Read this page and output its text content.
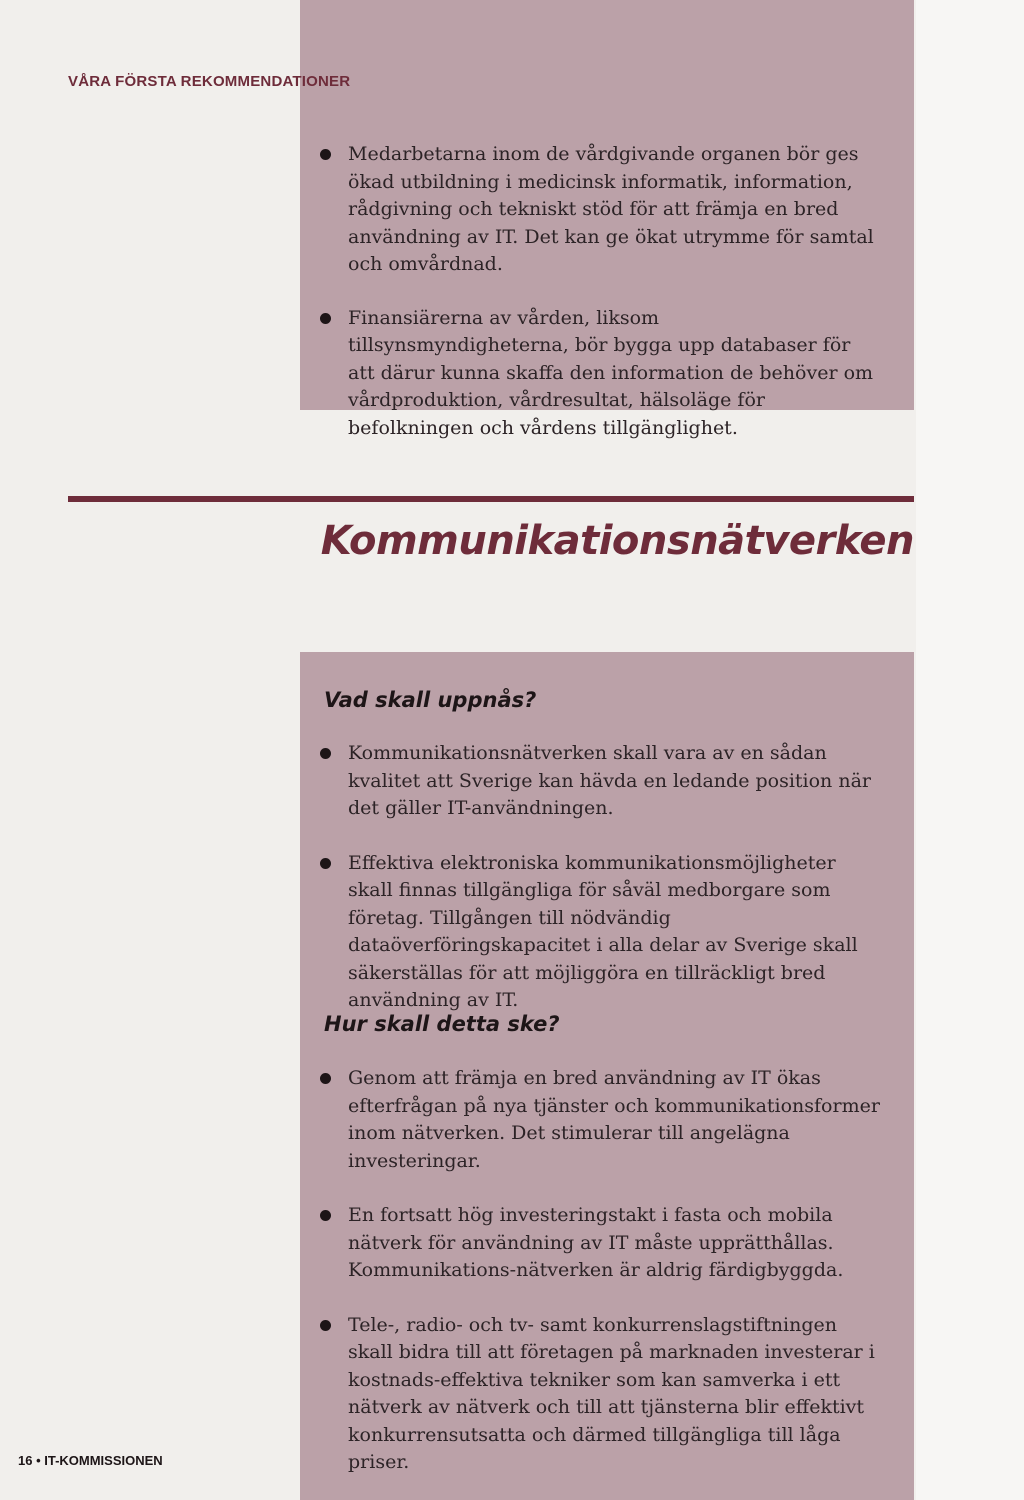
Medarbetarna inom de vårdgivande organen bör ges ökad utbildning i medicinsk informatik, information, rådgivning och tekniskt stöd för att främja en bred användning av IT. Det kan ge ökat utrymme för samtal och omvårdnad.
Finansiärerna av vården, liksom tillsynsmyndigheterna, bör bygga upp databaser för att därur kunna skaffa den information de behöver om vårdproduktion, vårdresultat, hälsoläge för befolkningen och vårdens tillgänglighet.

VÅRA FÖRSTA REKOMMENDATIONER

Kommunikationsnätverken
Vad skall uppnås?
Kommunikationsnätverken skall vara av en sådan kvalitet att Sverige kan hävda en ledande position när det gäller IT-användningen.
Effektiva elektroniska kommunikationsmöjligheter skall finnas tillgängliga för såväl medborgare som företag. Tillgången till nödvändig dataöverföringskapacitet i alla delar av Sverige skall säkerställas för att möjliggöra en tillräckligt bred användning av IT.
Hur skall detta ske?
Genom att främja en bred användning av IT ökas efterfrågan på nya tjänster och kommunikationsformer inom nätverken. Det stimulerar till angelägna investeringar.
En fortsatt hög investeringstakt i fasta och mobila nätverk för användning av IT måste upprätthållas. Kommunikations-nätverken är aldrig färdigbyggda.
Tele-, radio- och tv- samt konkurrenslagstiftningen skall bidra till att företagen på marknaden investerar i kostnads-effektiva tekniker som kan samverka i ett nätverk av nätverk och till att tjänsterna blir effektivt konkurrensutsatta och därmed tillgängliga till låga priser.

16 • IT-KOMMISSIONEN
